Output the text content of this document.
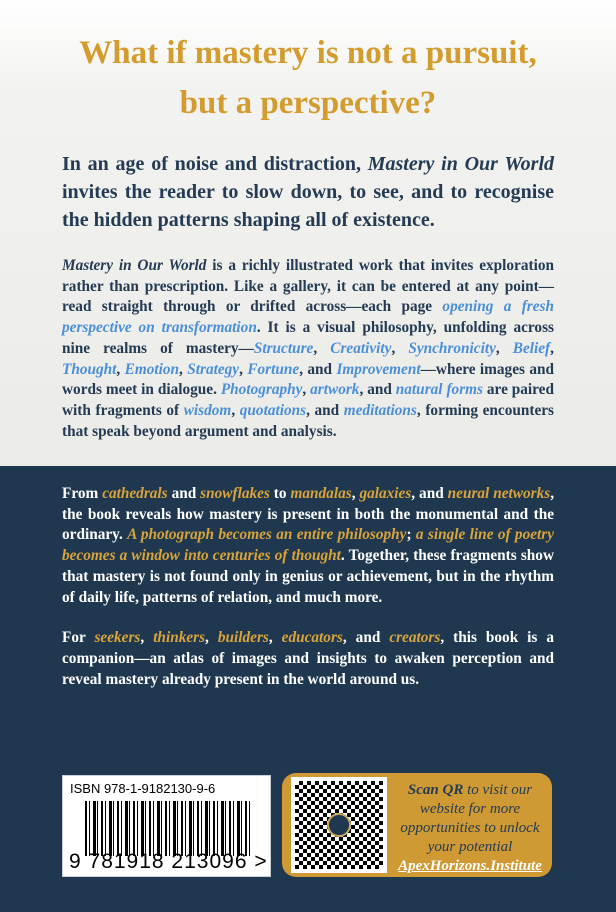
What if mastery is not a pursuit, but a perspective?

In an age of noise and distraction, Mastery in Our World invites the reader to slow down, to see, and to recognise the hidden patterns shaping all of existence.

Mastery in Our World is a richly illustrated work that invites exploration rather than prescription. Like a gallery, it can be entered at any point—read straight through or drifted across—each page opening a fresh perspective on transformation. It is a visual philosophy, unfolding across nine realms of mastery—Structure, Creativity, Synchronicity, Belief, Thought, Emotion, Strategy, Fortune, and Improvement—where images and words meet in dialogue. Photography, artwork, and natural forms are paired with fragments of wisdom, quotations, and meditations, forming encounters that speak beyond argument and analysis.

From cathedrals and snowflakes to mandalas, galaxies, and neural networks, the book reveals how mastery is present in both the monumental and the ordinary. A photograph becomes an entire philosophy; a single line of poetry becomes a window into centuries of thought. Together, these fragments show that mastery is not found only in genius or achievement, but in the rhythm of daily life, patterns of relation, and much more.

For seekers, thinkers, builders, educators, and creators, this book is a companion—an atlas of images and insights to awaken perception and reveal mastery already present in the world around us.

ISBN 978-1-9182130-9-6
9 781918 213096 >
Scan QR to visit our website for more opportunities to unlock your potential
ApexHorizons.Institute
